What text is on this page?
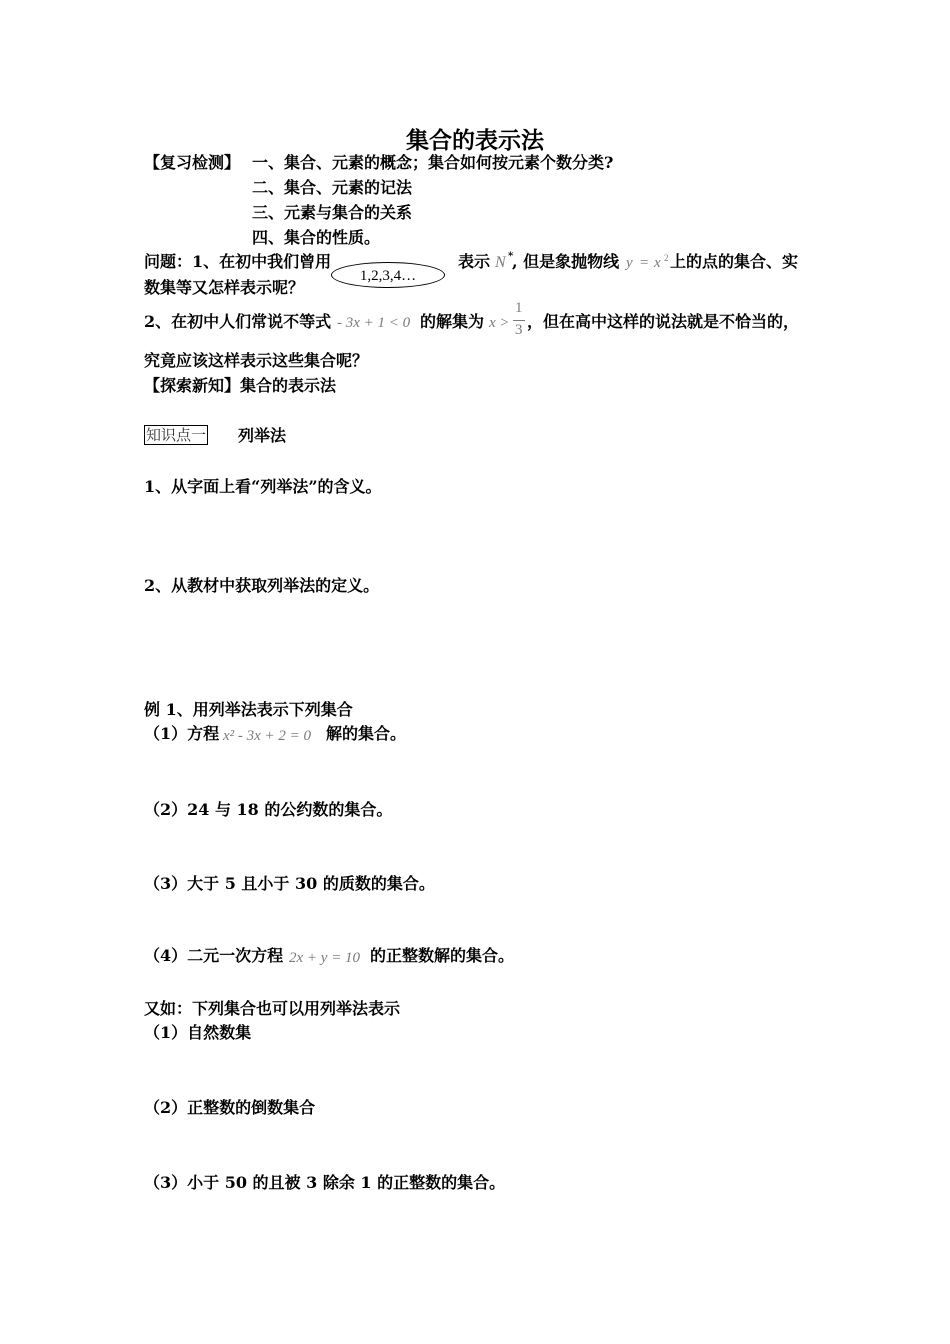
集合的表示法
【复习检测】 一、集合、元素的概念；集合如何按元素个数分类?
二、集合、元素的记法
三、元素与集合的关系
四、集合的性质。
问题：1、在初中我们曾用
1,2,3,4…
表示 N *
, 但是象抛物线 y = x 2 上的点的集合、实
数集等又怎样表示呢？
2、在初中人们常说不等式 - 3x + 1 < 0 的解集为 x >
1
3 ，但在高中这样的说法就是不恰当的，
究竟应该这样表示这些集合呢？
【探索新知】集合的表示法
知识点一 列举法
1、从字面上看“列举法”的含义。
2、从教材中获取列举法的定义。
例 1、用列举法表示下列集合
（1）方程 x² - 3x + 2 = 0 解的集合。
（2）24 与 18 的公约数的集合。
（3）大于 5 且小于 30 的质数的集合。
（4）二元一次方程 2x + y = 10 的正整数解的集合。
又如：下列集合也可以用列举法表示
（1）自然数集
（2）正整数的倒数集合
（3）小于 50 的且被 3 除余 1 的正整数的集合。
